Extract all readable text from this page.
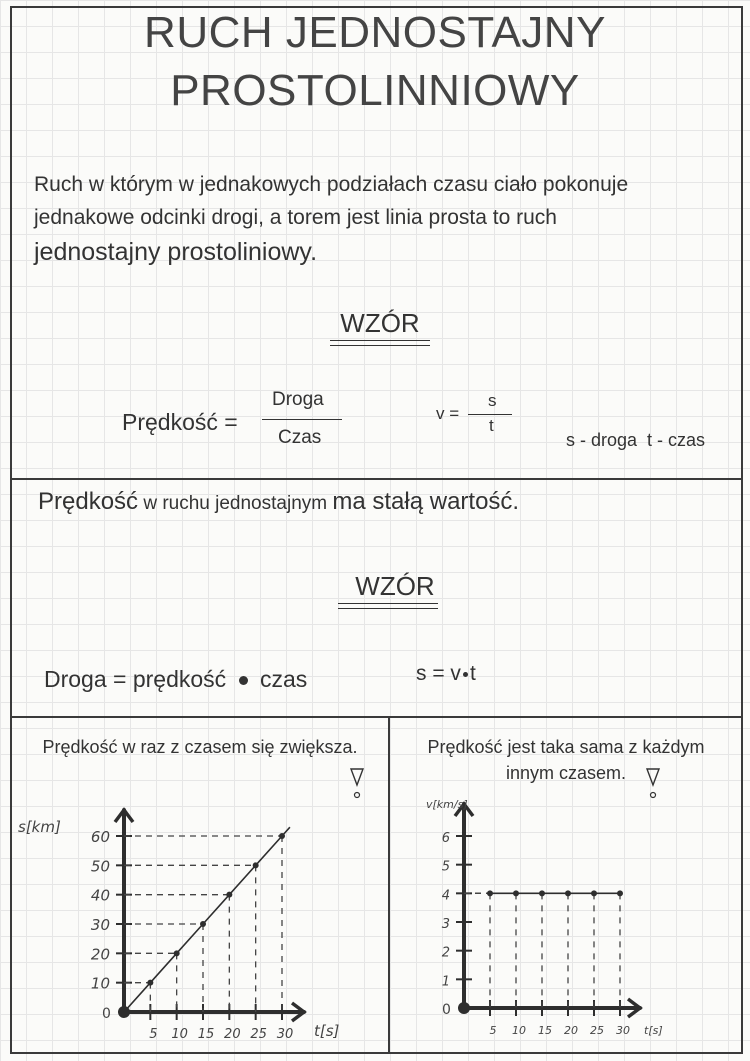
RUCH JEDNOSTAJNY
PROSTOLINNIOWY
Ruch w którym w jednakowych podziałach czasu ciało pokonuje
jednakowe odcinki drogi, a torem jest linia prosta to ruch
jednostajny prostoliniowy.
WZÓR
Prędkość =
Droga
Czas
v =
s
t
s - droga  t - czas
Prędkość w ruchu jednostajnym ma stałą wartość.
WZÓR
Droga = prędkość czas	s = v t
Prędkość w raz z czasem się zwiększa.	Prędkość jest taka sama z każdym
innym czasem.
5 10 15 20 25 30
10
20
30
40
50
60
s[km]
t[s]
0
5 10 15 20 25 30
1
2
3
4
5
6
v[km/s]
t[s]
0
